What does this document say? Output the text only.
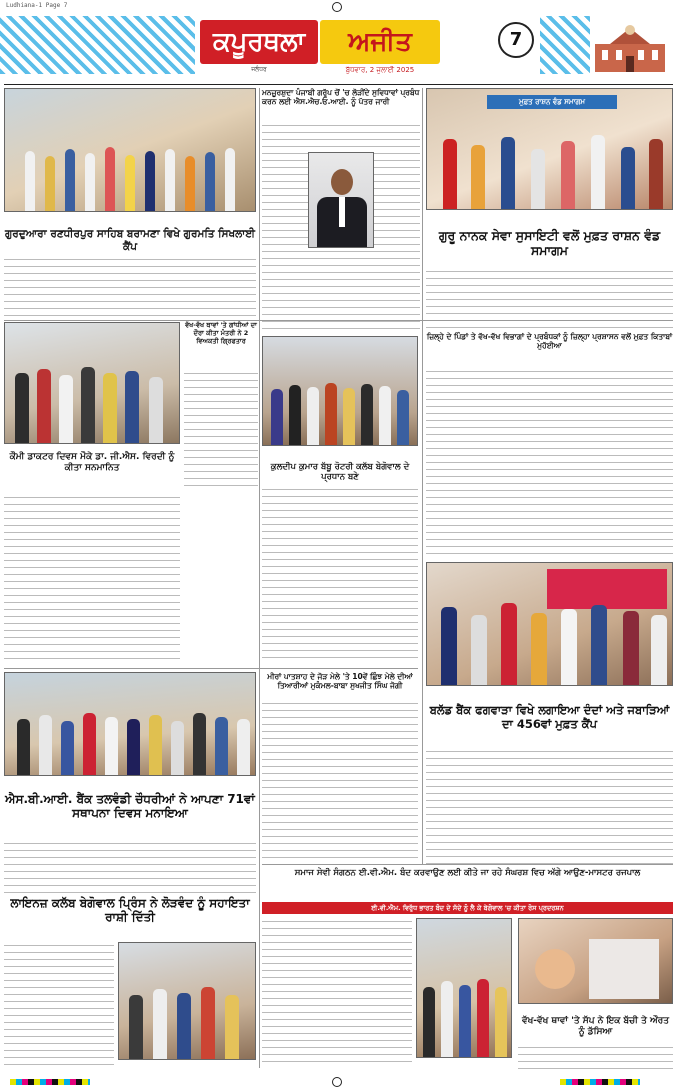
Ludhiana-1 Page 7
ਕਪੂਰਥਲਾ	ਅਜੀਤ
ਜਲੰਧਰ	ਬੁੱਧਵਾਰ, 2 ਜੁਲਾਈ 2025
7
ਗੁਰਦੁਆਰਾ ਰਣਧੀਰਪੁਰ ਸਾਹਿਬ ਬਰਾਮਣਾ ਵਿਖੇ ਗੁਰਮਤਿ ਸਿਖਲਾਈ ਕੈਂਪ
ਮਨਜ਼ੂਰਸ਼ੁਦਾ ਪੰਜਾਬੀ ਗਰੁੱਪ ਚੋਂ 'ਚ ਲੋੜੀਂਦੇ ਸੁਵਿਧਾਵਾਂ ਪ੍ਰਬੰਧ ਕਰਨ ਲਈ ਐਸ.ਐਚ.ਓ.ਆਈ. ਨੂੰ ਪੱਤਰ ਜਾਰੀ	ਮੁਫ਼ਤ ਰਾਸ਼ਨ ਵੰਡ ਸਮਾਗਮ
ਗੁਰੂ ਨਾਨਕ ਸੇਵਾ ਸੁਸਾਇਟੀ ਵਲੋਂ ਮੁਫ਼ਤ ਰਾਸ਼ਨ ਵੰਡ ਸਮਾਗਮ
ਕੌਮੀ ਡਾਕਟਰ ਦਿਵਸ ਮੌਕੇ ਡਾ. ਜੀ.ਐਸ. ਵਿਰਦੀ ਨੂੰ ਕੀਤਾ ਸਨਮਾਨਿਤ
ਵੱਖ-ਵੱਖ ਥਾਵਾਂ 'ਤੇ ਗਾਂਧੀਆਂ ਦਾ ਦੌਰਾ ਕੀਤਾ ਮੰਤਰੀ ਨੇ 2 ਵਿਅਕਤੀ ਗ੍ਰਿਫਤਾਰ
ਕੁਲਦੀਪ ਕੁਮਾਰ ਬੱਬੂ ਰੋਟਰੀ ਕਲੱਬ ਬੇਗੋਵਾਲ ਦੇ ਪ੍ਰਧਾਨ ਬਣੇ
ਜ਼ਿਲ੍ਹੇ ਦੇ ਪਿੰਡਾਂ ਤੇ ਵੱਖ-ਵੱਖ ਵਿਭਾਗਾਂ ਦੇ ਪ੍ਰਬੰਧਕਾਂ ਨੂੰ ਜ਼ਿਲ੍ਹਾ ਪ੍ਰਸ਼ਾਸਨ ਵਲੋਂ ਮੁਫ਼ਤ ਕਿਤਾਬਾਂ ਮੁਹੱਈਆ
ਬਲੱਡ ਬੈਂਕ ਫਗਵਾੜਾ ਵਿਖੇ ਲਗਾਇਆ ਦੰਦਾਂ ਅਤੇ ਜਬਾੜਿਆਂ ਦਾ 456ਵਾਂ ਮੁਫ਼ਤ ਕੈਂਪ
ਐਸ.ਬੀ.ਆਈ. ਬੈਂਕ ਤਲਵੰਡੀ ਚੌਧਰੀਆਂ ਨੇ ਆਪਣਾ 71ਵਾਂ ਸਥਾਪਨਾ ਦਿਵਸ ਮਨਾਇਆ
ਮੀਰਾਂ ਪਾਤਸ਼ਾਹ ਦੇ ਜੋੜ ਮੇਲੇ 'ਤੇ 10ਵੇਂ ਛਿੰਝ ਮੇਲੇ ਦੀਆਂ ਤਿਆਰੀਆਂ ਮੁਕੰਮਲ-ਬਾਬਾ ਸੁਖਜੀਤ ਸਿੰਘ ਜੋਗੀ
ਲਾਇਨਜ਼ ਕਲੱਬ ਬੇਗੋਵਾਲ ਪ੍ਰਿੰਸ ਨੇ ਲੋੜਵੰਦ ਨੂੰ ਸਹਾਇਤਾ ਰਾਸ਼ੀ ਦਿੱਤੀ
ਸਮਾਜ ਸੇਵੀ ਸੰਗਠਨ ਈ.ਵੀ.ਐਮ. ਬੰਦ ਕਰਵਾਉਣ ਲਈ ਕੀਤੇ ਜਾ ਰਹੇ ਸੰਘਰਸ਼ ਵਿਚ ਅੱਗੇ ਆਉਣ-ਮਾਸਟਰ ਰਜਪਾਲ
ਈ.ਵੀ.ਐਮ. ਵਿਰੁੱਧ ਭਾਰਤ ਬੰਦ ਦੇ ਸੱਦੇ ਨੂੰ ਲੈ ਕੇ ਬੇਗੋਵਾਲ 'ਚ ਕੀਤਾ ਰੋਸ ਪ੍ਰਦਰਸ਼ਨ
ਵੱਖ-ਵੱਖ ਥਾਵਾਂ 'ਤੇ ਸੱਪ ਨੇ ਇਕ ਬੱਚੀ ਤੇ ਔਰਤ ਨੂੰ ਡੱਸਿਆ
